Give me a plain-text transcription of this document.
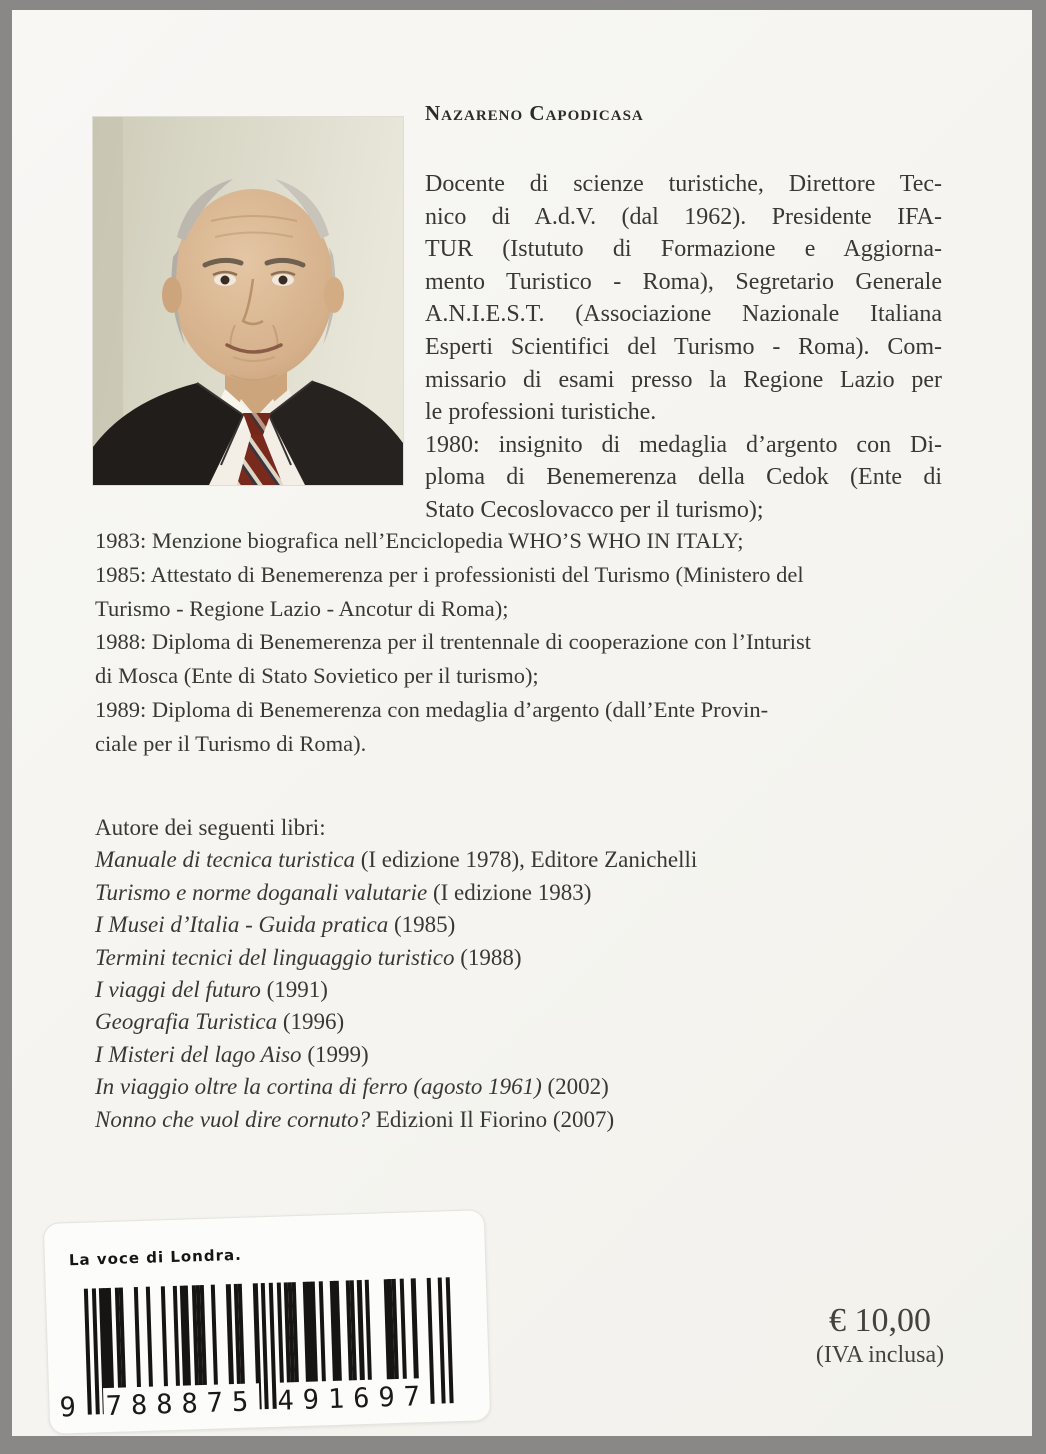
Nazareno Capodicasa
Docente di scienze turistiche, Direttore Tec-
nico di A.d.V. (dal 1962). Presidente IFA-
TUR (Istututo di Formazione e Aggiorna-
mento Turistico - Roma), Segretario Generale
A.N.I.E.S.T. (Associazione Nazionale Italiana
Esperti Scientifici del Turismo - Roma). Com-
missario di esami presso la Regione Lazio per
le professioni turistiche.
1980: insignito di medaglia d’argento con Di-
ploma di Benemerenza della Cedok (Ente di
Stato Cecoslovacco per il turismo);
1983: Menzione biografica nell’Enciclopedia WHO’S WHO IN ITALY;
1985: Attestato di Benemerenza per i professionisti del Turismo (Ministero del
Turismo - Regione Lazio - Ancotur di Roma);
1988: Diploma di Benemerenza per il trentennale di cooperazione con l’Inturist
di Mosca (Ente di Stato Sovietico per il turismo);
1989: Diploma di Benemerenza con medaglia d’argento (dall’Ente Provin-
ciale per il Turismo di Roma).
Autore dei seguenti libri:
Manuale di tecnica turistica (I edizione 1978), Editore Zanichelli
Turismo e norme doganali valutarie (I edizione 1983)
I Musei d’Italia - Guida pratica (1985)
Termini tecnici del linguaggio turistico (1988)
I viaggi del futuro (1991)
Geografia Turistica (1996)
I Misteri del lago Aiso (1999)
In viaggio oltre la cortina di ferro (agosto 1961) (2002)
Nonno che vuol dire cornuto? Edizioni Il Fiorino (2007)
La voce di Londra.
9 788875 491697
€ 10,00
(IVA inclusa)
